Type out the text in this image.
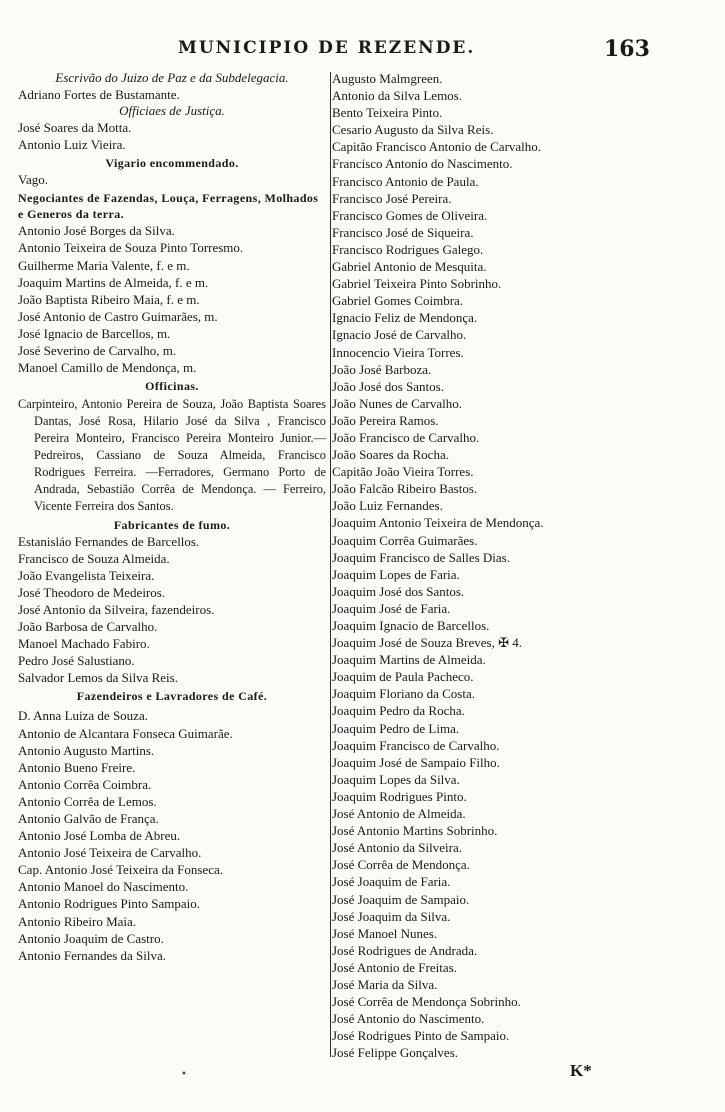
MUNICIPIO DE REZENDE.	163
Escrivão do Juizo de Paz e da Subdelegacia.
Adriano Fortes de Bustamante.
Officiaes de Justiça.
José Soares da Motta.
Antonio Luiz Vieira.
Vigario encommendado.
Vago.
Negociantes de Fazendas, Louça, Ferragens, Molhados e Generos da terra.
Antonio José Borges da Silva.
Antonio Teixeira de Souza Pinto Torresmo.
Guilherme Maria Valente, f. e m.
Joaquim Martins de Almeida, f. e m.
João Baptista Ribeiro Maia, f. e m.
José Antonio de Castro Guimarães, m.
José Ignacio de Barcellos, m.
José Severino de Carvalho, m.
Manoel Camillo de Mendonça, m.
Officinas.
Carpinteiro, Antonio Pereira de Souza, João Baptista Soares Dantas, José Rosa, Hilario José da Silva , Francisco Pereira Monteiro, Francisco Pereira Monteiro Junior.— Pedreiros, Cassiano de Souza Almeida, Francisco Rodrigues Ferreira. —Ferradores, Germano Porto de Andrada, Sebastião Corrêa de Mendonça. — Ferreiro, Vicente Ferreira dos Santos.
Fabricantes de fumo.
Estanisláo Fernandes de Barcellos.
Francisco de Souza Almeida.
João Evangelista Teixeira.
José Theodoro de Medeiros.
José Antonio da Silveira, fazendeiros.
João Barbosa de Carvalho.
Manoel Machado Fabiro.
Pedro José Salustiano.
Salvador Lemos da Silva Reis.
Fazendeiros e Lavradores de Café.
D. Anna Luiza de Souza.
Antonio de Alcantara Fonseca Guimarãe.
Antonio Augusto Martins.
Antonio Bueno Freire.
Antonio Corrêa Coimbra.
Antonio Corrêa de Lemos.
Antonio Galvão de França.
Antonio José Lomba de Abreu.
Antonio José Teixeira de Carvalho.
Cap. Antonio José Teixeira da Fonseca.
Antonio Manoel do Nascimento.
Antonio Rodrigues Pinto Sampaio.
Antonio Ribeiro Maia.
Antonio Joaquim de Castro.
Antonio Fernandes da Silva.
Augusto Malmgreen.
Antonio da Silva Lemos.
Bento Teixeira Pinto.
Cesario Augusto da Silva Reis.
Capitão Francisco Antonio de Carvalho.
Francisco Antonio do Nascimento.
Francisco Antonio de Paula.
Francisco José Pereira.
Francisco Gomes de Oliveira.
Francisco José de Siqueira.
Francisco Rodrigues Galego.
Gabriel Antonio de Mesquita.
Gabriel Teixeira Pinto Sobrinho.
Gabriel Gomes Coimbra.
Ignacio Feliz de Mendonça.
Ignacio José de Carvalho.
Innocencio Vieira Torres.
João José Barboza.
João José dos Santos.
João Nunes de Carvalho.
João Pereira Ramos.
João Francisco de Carvalho.
João Soares da Rocha.
Capitão João Vieira Torres.
João Falcão Ribeiro Bastos.
João Luiz Fernandes.
Joaquim Antonio Teixeira de Mendonça.
Joaquim Corrêa Guimarães.
Joaquim Francisco de Salles Dias.
Joaquim Lopes de Faria.
Joaquim José dos Santos.
Joaquim José de Faria.
Joaquim Ignacio de Barcellos.
Joaquim José de Souza Breves, ✠ 4.
Joaquim Martins de Almeida.
Joaquim de Paula Pacheco.
Joaquim Floriano da Costa.
Joaquim Pedro da Rocha.
Joaquim Pedro de Lima.
Joaquim Francisco de Carvalho.
Joaquim José de Sampaio Filho.
Joaquim Lopes da Silva.
Joaquim Rodrigues Pinto.
José Antonio de Almeida.
José Antonio Martins Sobrinho.
José Antonio da Silveira.
José Corrêa de Mendonça.
José Joaquim de Faria.
José Joaquim de Sampaio.
José Joaquim da Silva.
José Manoel Nunes.
José Rodrigues de Andrada.
José Antonio de Freitas.
José Maria da Silva.
José Corrêa de Mendonça Sobrinho.
José Antonio do Nascimento.
José Rodrigues Pinto de Sampaio.
José Felippe Gonçalves.
•	K*
